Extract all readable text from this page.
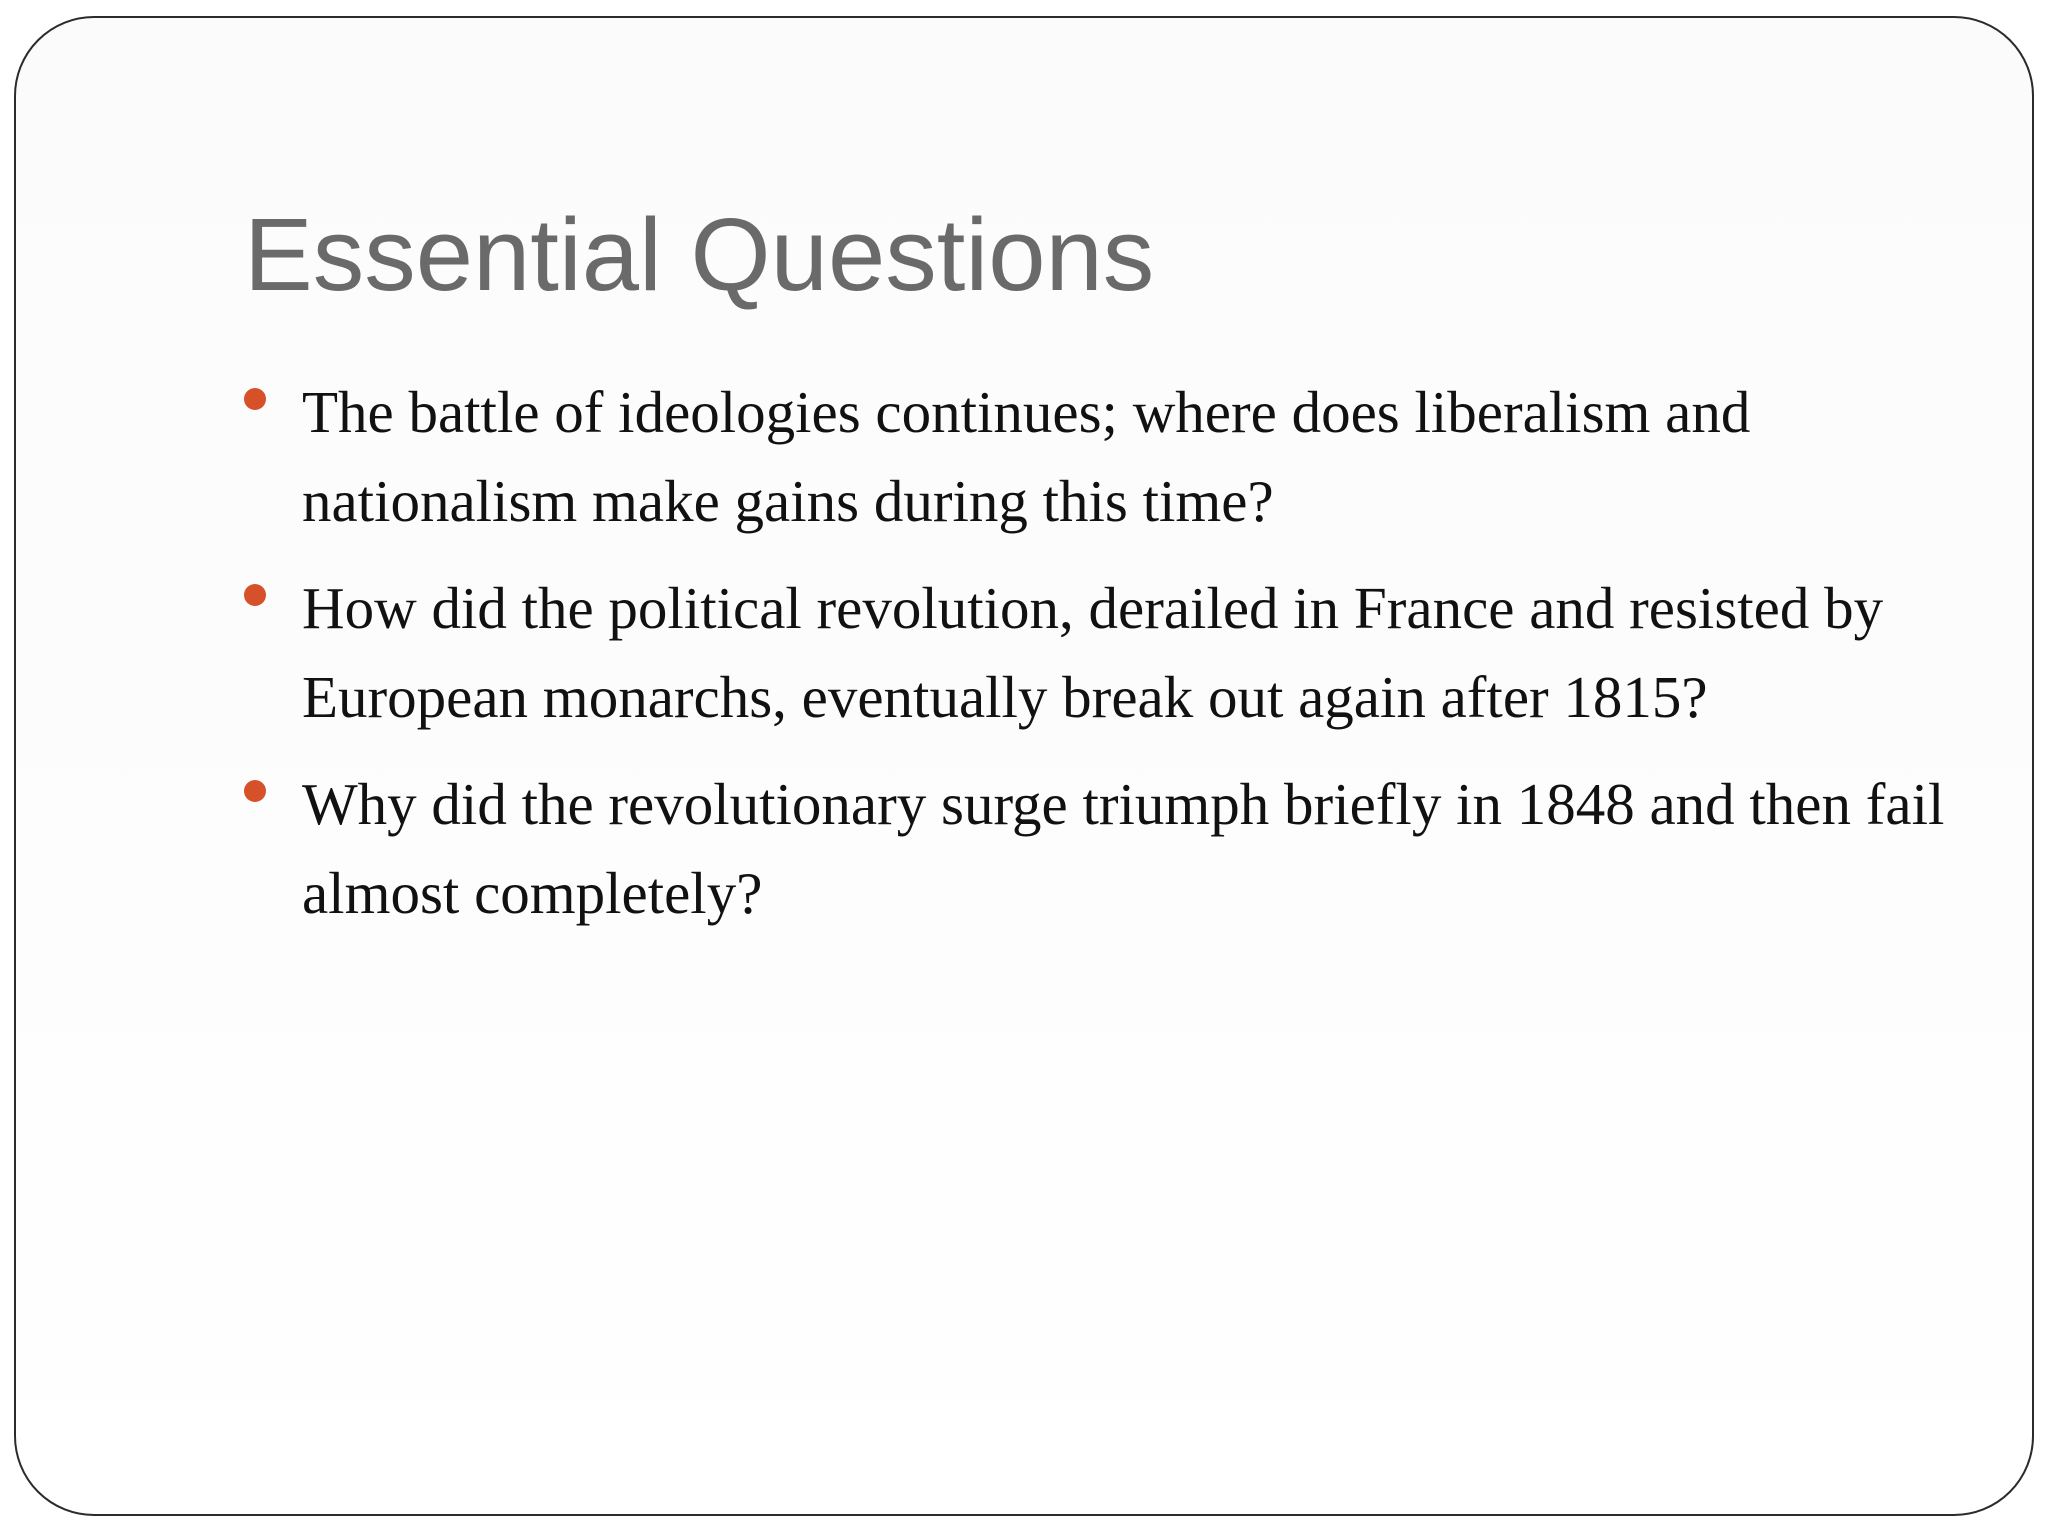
Essential Questions
The battle of ideologies continues; where does liberalism and nationalism make gains during this time?
How did the political revolution, derailed in France and resisted by European monarchs, eventually break out again after 1815?
Why did the revolutionary surge triumph briefly in 1848 and then fail almost completely?
